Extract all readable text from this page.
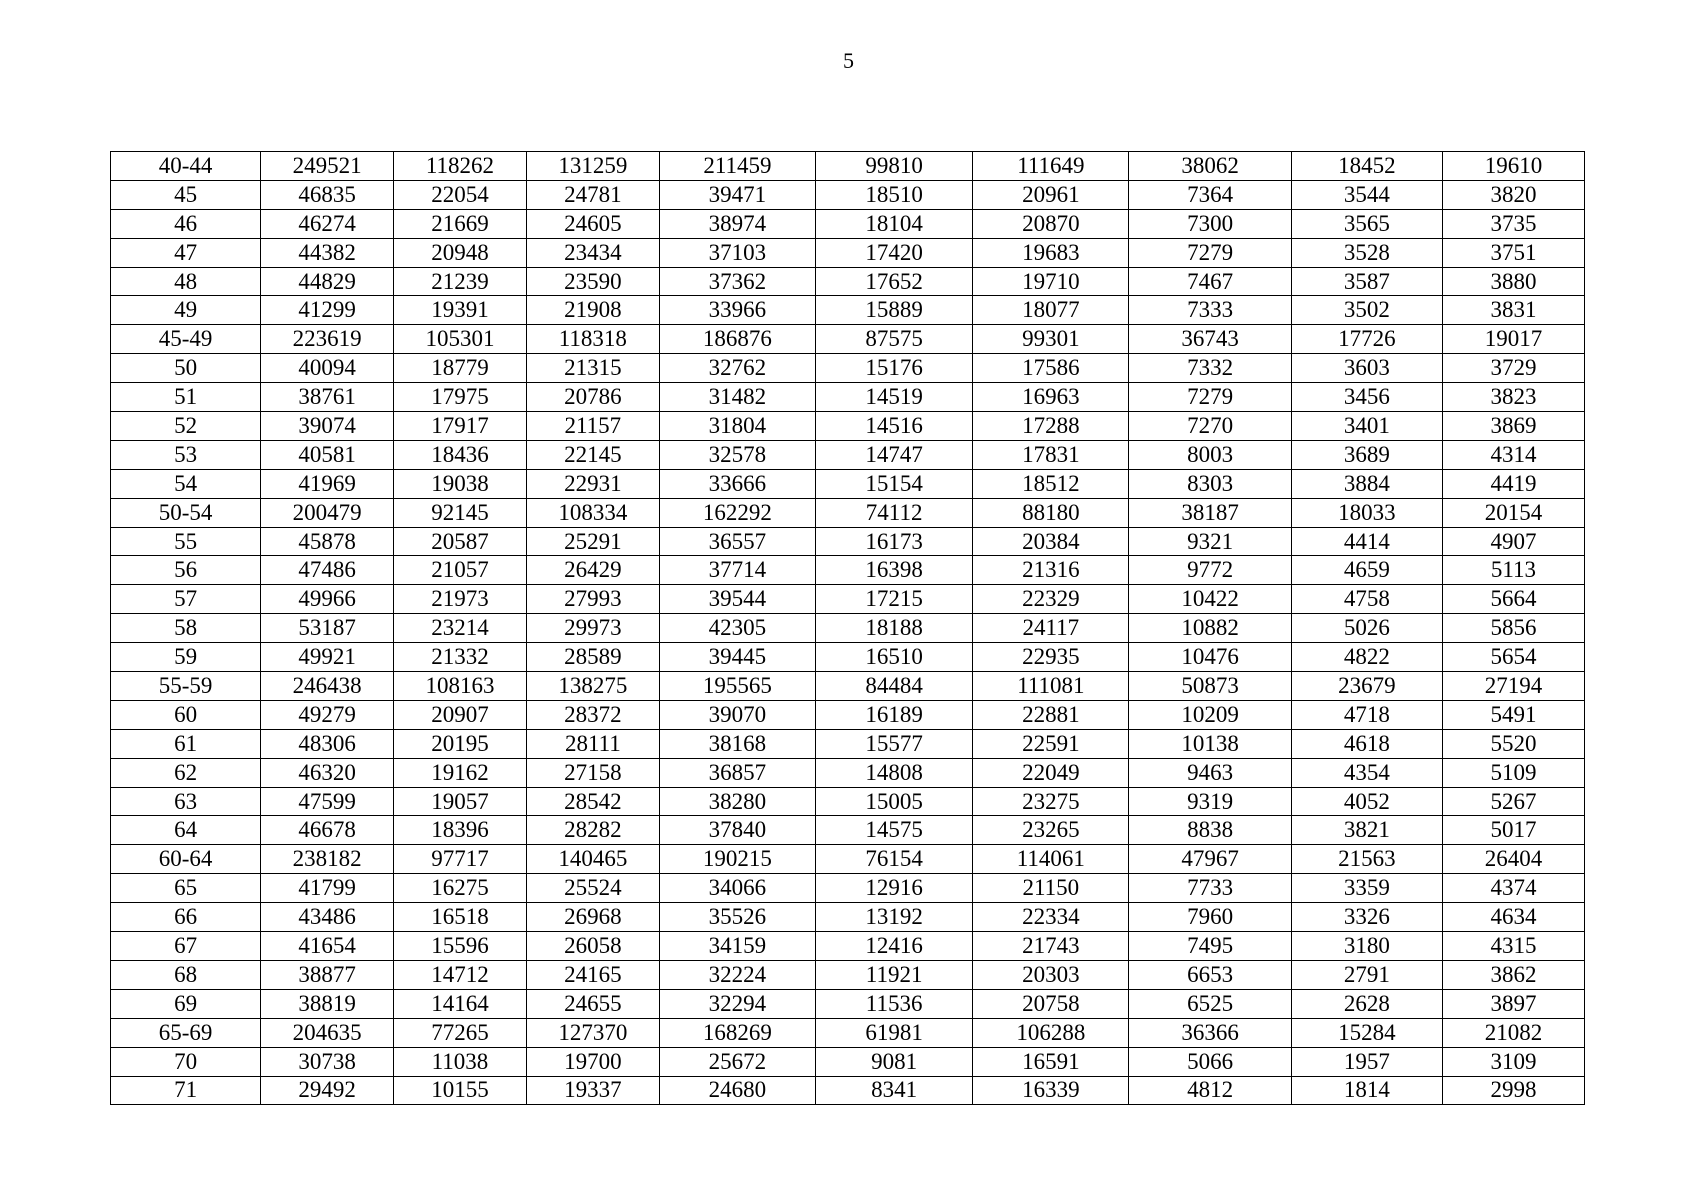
5
40-44	249521	118262	131259	211459	99810	111649	38062	18452	19610
45	46835	22054	24781	39471	18510	20961	7364	3544	3820
46	46274	21669	24605	38974	18104	20870	7300	3565	3735
47	44382	20948	23434	37103	17420	19683	7279	3528	3751
48	44829	21239	23590	37362	17652	19710	7467	3587	3880
49	41299	19391	21908	33966	15889	18077	7333	3502	3831
45-49	223619	105301	118318	186876	87575	99301	36743	17726	19017
50	40094	18779	21315	32762	15176	17586	7332	3603	3729
51	38761	17975	20786	31482	14519	16963	7279	3456	3823
52	39074	17917	21157	31804	14516	17288	7270	3401	3869
53	40581	18436	22145	32578	14747	17831	8003	3689	4314
54	41969	19038	22931	33666	15154	18512	8303	3884	4419
50-54	200479	92145	108334	162292	74112	88180	38187	18033	20154
55	45878	20587	25291	36557	16173	20384	9321	4414	4907
56	47486	21057	26429	37714	16398	21316	9772	4659	5113
57	49966	21973	27993	39544	17215	22329	10422	4758	5664
58	53187	23214	29973	42305	18188	24117	10882	5026	5856
59	49921	21332	28589	39445	16510	22935	10476	4822	5654
55-59	246438	108163	138275	195565	84484	111081	50873	23679	27194
60	49279	20907	28372	39070	16189	22881	10209	4718	5491
61	48306	20195	28111	38168	15577	22591	10138	4618	5520
62	46320	19162	27158	36857	14808	22049	9463	4354	5109
63	47599	19057	28542	38280	15005	23275	9319	4052	5267
64	46678	18396	28282	37840	14575	23265	8838	3821	5017
60-64	238182	97717	140465	190215	76154	114061	47967	21563	26404
65	41799	16275	25524	34066	12916	21150	7733	3359	4374
66	43486	16518	26968	35526	13192	22334	7960	3326	4634
67	41654	15596	26058	34159	12416	21743	7495	3180	4315
68	38877	14712	24165	32224	11921	20303	6653	2791	3862
69	38819	14164	24655	32294	11536	20758	6525	2628	3897
65-69	204635	77265	127370	168269	61981	106288	36366	15284	21082
70	30738	11038	19700	25672	9081	16591	5066	1957	3109
71	29492	10155	19337	24680	8341	16339	4812	1814	2998
